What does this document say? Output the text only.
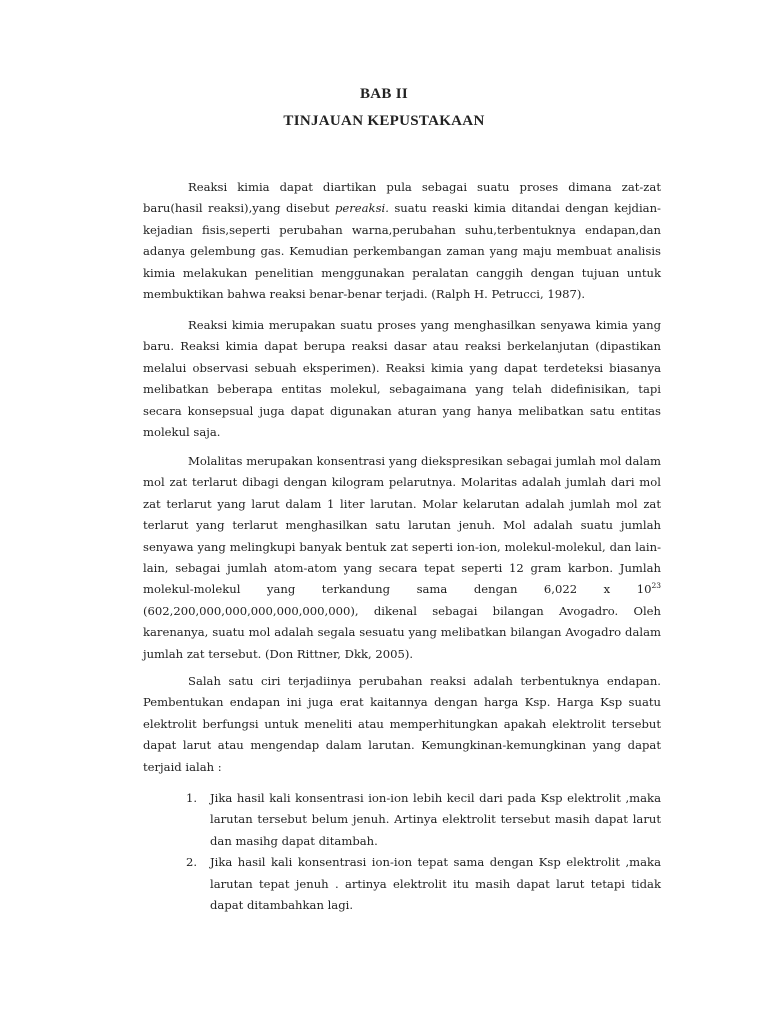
BAB II
TINJAUAN KEPUSTAKAAN

Reaksi kimia dapat diartikan pula sebagai suatu proses dimana zat-zat baru(hasil reaksi),yang disebut pereaksi. suatu reaski kimia ditandai dengan kejdian-kejadian fisis,seperti perubahan warna,perubahan suhu,terbentuknya endapan,dan adanya gelembung gas. Kemudian perkembangan zaman yang maju membuat analisis kimia melakukan penelitian menggunakan peralatan canggih dengan tujuan untuk membuktikan bahwa reaksi benar-benar terjadi. (Ralph H. Petrucci, 1987).

Reaksi kimia merupakan suatu proses yang menghasilkan senyawa kimia yang baru. Reaksi kimia dapat berupa reaksi dasar atau reaksi berkelanjutan (dipastikan melalui observasi sebuah eksperimen). Reaksi kimia yang dapat terdeteksi biasanya melibatkan beberapa entitas molekul, sebagaimana yang telah didefinisikan, tapi secara konsepsual juga dapat digunakan aturan yang hanya melibatkan satu entitas molekul saja.

Molalitas merupakan konsentrasi yang diekspresikan sebagai jumlah mol dalam mol zat terlarut dibagi dengan kilogram pelarutnya. Molaritas adalah jumlah dari mol zat terlarut yang larut dalam 1 liter larutan. Molar kelarutan adalah jumlah mol zat terlarut yang terlarut menghasilkan satu larutan jenuh. Mol adalah suatu jumlah senyawa yang melingkupi banyak bentuk zat seperti ion-ion, molekul-molekul, dan lain-lain, sebagai jumlah atom-atom yang secara tepat seperti 12 gram karbon. Jumlah molekul-molekul yang terkandung sama dengan 6,022 x $10^{23}$ (602,200,000,000,000,000,000,000), dikenal sebagai bilangan Avogadro. Oleh karenanya, suatu mol adalah segala sesuatu yang melibatkan bilangan Avogadro dalam jumlah zat tersebut. (Don Rittner, Dkk, 2005).

Salah satu ciri terjadiinya perubahan reaksi adalah terbentuknya endapan. Pembentukan endapan ini juga erat kaitannya dengan harga Ksp. Harga Ksp suatu elektrolit berfungsi untuk meneliti atau memperhitungkan apakah elektrolit tersebut dapat larut atau mengendap dalam larutan. Kemungkinan-kemungkinan yang dapat terjaid ialah :

1. Jika hasil kali konsentrasi ion-ion lebih kecil dari pada Ksp elektrolit ,maka larutan tersebut belum jenuh. Artinya elektrolit tersebut masih dapat larut dan masihg dapat ditambah.
2. Jika hasil kali konsentrasi ion-ion tepat sama dengan Ksp elektrolit ,maka larutan tepat jenuh . artinya elektrolit itu masih dapat larut tetapi tidak dapat ditambahkan lagi.
